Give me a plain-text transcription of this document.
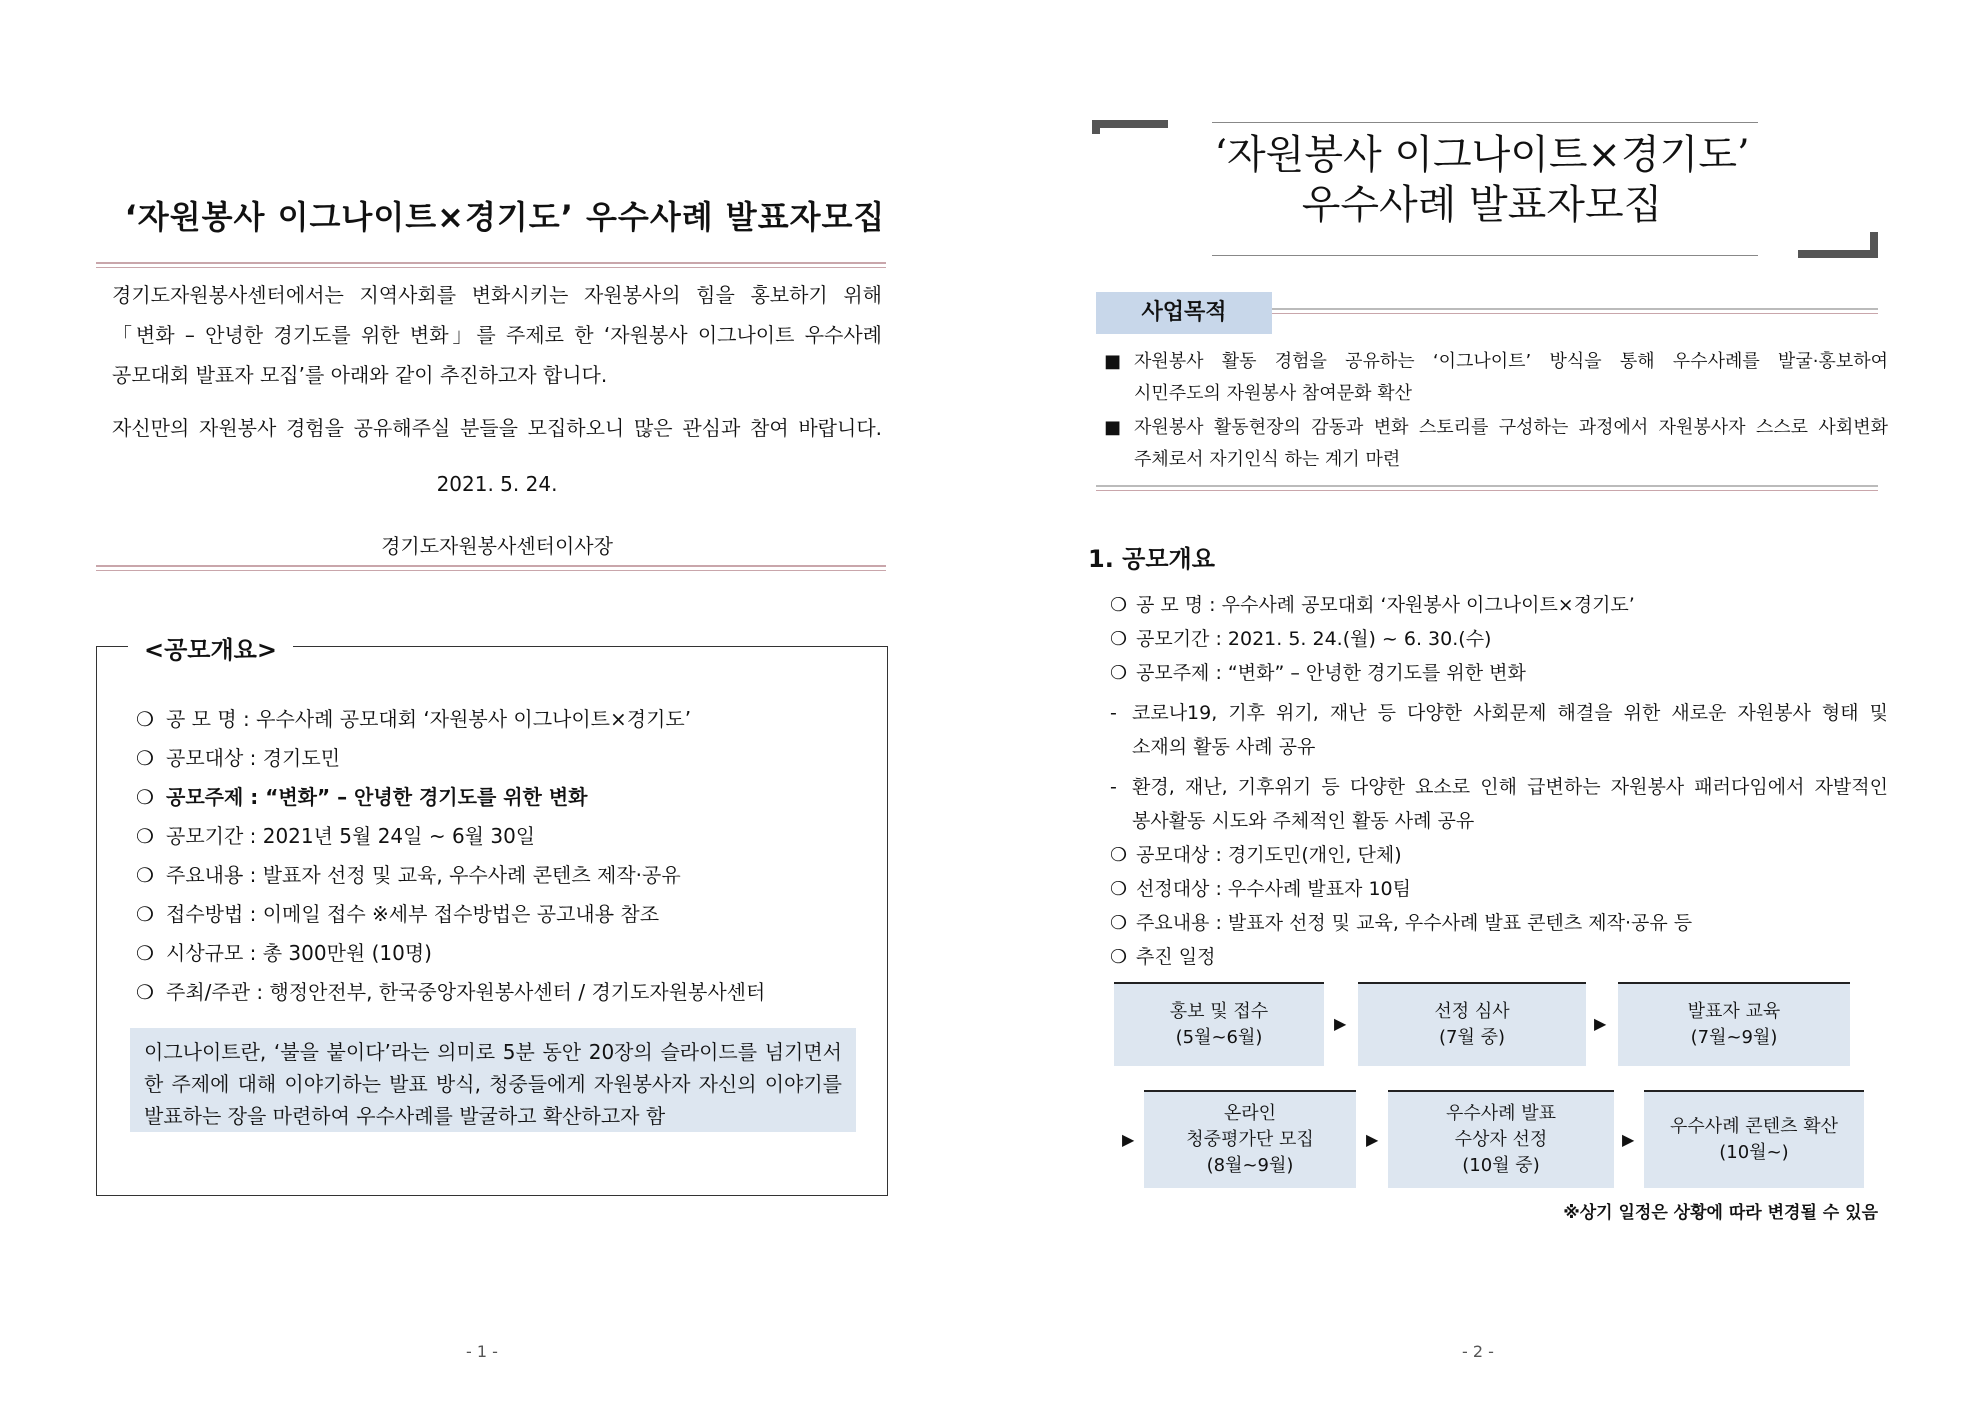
‘자원봉사 이그나이트×경기도’ 우수사례 발표자모집
경기도자원봉사센터에서는 지역사회를 변화시키는 자원봉사의 힘을 홍보하기 위해
「변화 – 안녕한 경기도를 위한 변화」를 주제로 한 ‘자원봉사 이그나이트 우수사례
공모대회 발표자 모집’를 아래와 같이 추진하고자 합니다.
자신만의 자원봉사 경험을 공유해주실 분들을 모집하오니 많은 관심과 참여 바랍니다.
2021. 5. 24.
경기도자원봉사센터이사장
<공모개요>
❍ 공 모 명 : 우수사례 공모대회 ‘자원봉사 이그나이트×경기도’
❍ 공모대상 : 경기도민
❍ 공모주제 : “변화” – 안녕한 경기도를 위한 변화
❍ 공모기간 : 2021년 5월 24일 ~ 6월 30일
❍ 주요내용 : 발표자 선정 및 교육, 우수사례 콘텐츠 제작·공유
❍ 접수방법 : 이메일 접수 ※세부 접수방법은 공고내용 참조
❍ 시상규모 : 총 300만원 (10명)
❍ 주최/주관 : 행정안전부, 한국중앙자원봉사센터 / 경기도자원봉사센터
이그나이트란, ‘불을 붙이다’라는 의미로 5분 동안 20장의 슬라이드를 넘기면서 한 주제에 대해 이야기하는 발표 방식, 청중들에게 자원봉사자 자신의 이야기를 발표하는 장을 마련하여 우수사례를 발굴하고 확산하고자 함
- 1 -
‘자원봉사 이그나이트×경기도’
우수사례 발표자모집
사업목적
■ 자원봉사 활동 경험을 공유하는 ‘이그나이트’ 방식을 통해 우수사례를 발굴·홍보하여
시민주도의 자원봉사 참여문화 확산
■ 자원봉사 활동현장의 감동과 변화 스토리를 구성하는 과정에서 자원봉사자 스스로 사회변화
주체로서 자기인식 하는 계기 마련
1. 공모개요
❍ 공 모 명 : 우수사례 공모대회 ‘자원봉사 이그나이트×경기도’
❍ 공모기간 : 2021. 5. 24.(월) ~ 6. 30.(수)
❍ 공모주제 : “변화” – 안녕한 경기도를 위한 변화
- 코로나19, 기후 위기, 재난 등 다양한 사회문제 해결을 위한 새로운 자원봉사 형태 및
소재의 활동 사례 공유
- 환경, 재난, 기후위기 등 다양한 요소로 인해 급변하는 자원봉사 패러다임에서 자발적인
봉사활동 시도와 주체적인 활동 사례 공유
❍ 공모대상 : 경기도민(개인, 단체)
❍ 선정대상 : 우수사례 발표자 10팀
❍ 주요내용 : 발표자 선정 및 교육, 우수사례 발표 콘텐츠 제작·공유 등
❍ 추진 일정
홍보 및 접수
(5월~6월)
▶
선정 심사
(7월 중)
▶
발표자 교육
(7월~9월)
▶
온라인
청중평가단 모집
(8월~9월)
▶
우수사례 발표
수상자 선정
(10월 중)
▶
우수사례 콘텐츠 확산
(10월~)
※상기 일정은 상황에 따라 변경될 수 있음
- 2 -
